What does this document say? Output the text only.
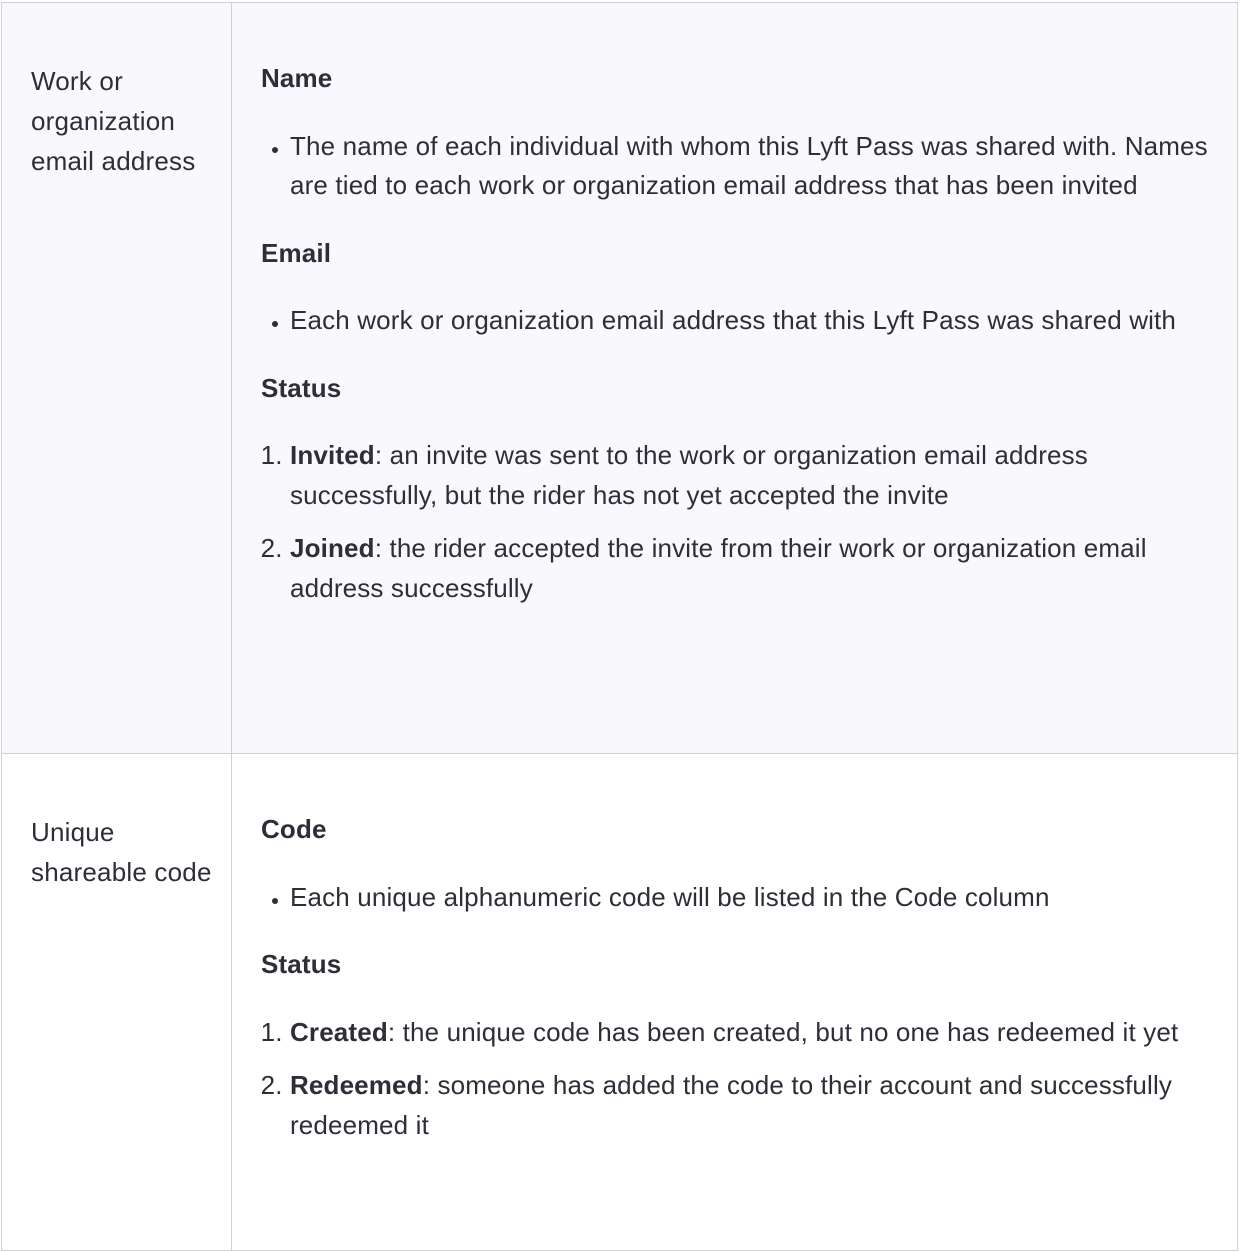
Work or organization email address
Name
• The name of each individual with whom this Lyft Pass was shared with. Names are tied to each work or organization email address that has been invited
Email
• Each work or organization email address that this Lyft Pass was shared with
Status
1. Invited: an invite was sent to the work or organization email address successfully, but the rider has not yet accepted the invite
2. Joined: the rider accepted the invite from their work or organization email address successfully
Unique shareable code
Code
• Each unique alphanumeric code will be listed in the Code column
Status
1. Created: the unique code has been created, but no one has redeemed it yet
2. Redeemed: someone has added the code to their account and successfully redeemed it
